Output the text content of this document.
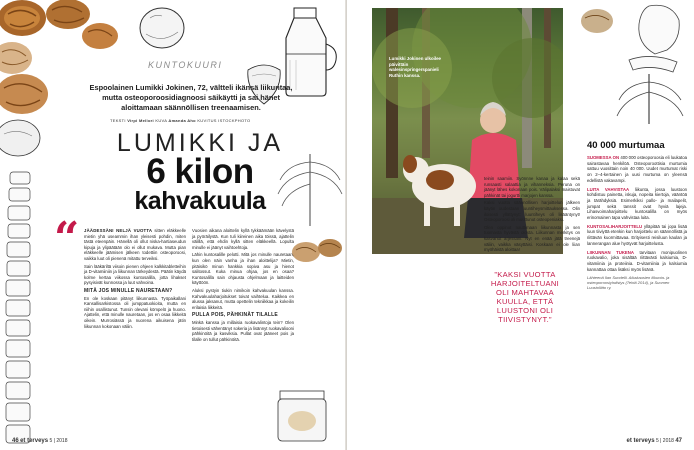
KUNTOKUURI
Espoolainen Lumikki Jokinen, 72, vältteli ikänsä liikuntaa, mutta osteoporoosidiagnoosi säikäytti ja sai hänet aloittamaan säännöllisen treenaamisen.
TEKSTI Virpi Mellori KUVA Amanda Aho KUVITUS ISTOCKPHOTO
LUMIKKI JA
6 kilon
kahvakuula
“ JÄÄDESSÄNI NELJÄ VUOTTA sitten eläkkeelle mietin yhä useammin ihan yleisesti pohdin, miten tästä eteenpäin. Hänellä oli ollut niska-hartiaseudun kipuja ja ylipäätään olo ei ollut mukava. Mutta pian eläkkeelle jäämisen jälkeen todettiin osteoporoosi, vaikka luut oli pienenä mitattu terveiksi.

Sain lääkäriltä viisoin pienen ohjeen kalkkitabletteihin ja D-vitamiiniin ja liikunnan tärkeydestä. Päätin käydä kolme kertaa viikossa kuntosalilla, jotta lihakset pysyisivät kunnossa ja luut vahvoina.

MITÄ JOS MINULLE NAURETAAN?

En ole koskaan pitänyt liikunnasta. Työpaikallani Kansallisarkistossa oli jumppatuokioita, mutta en niihin osallistunut. Tunsin olevani kömpelö ja huono. Ajattelin, että minulle nauretaan, jos en osaa liikkeitä oikein. Murrosiässä ja nuorena aikuisena jätin liikunnan kokonaan väliin.

Vuosien aikana aloittelin kyllä tykkäämään kävelystä ja pyöräilystä. Kun tuli kiireinen aika töissä, ajattelin välillä, että ehdin kyllä sitten eläkkeellä. Lopulta minulle ei jäänyt vaihtoehtoja.

Lähin kuntosalille pelotti. Mitä jos minulle nauretaan, kun olen näin vanha ja ihan aloittelija? Mietin, pitäisikö minun hankkia sopiva asu ja hienot salitossut. Kuka minua ohjaa, jos en osaa? Kuntosalilla sain ohjausta ohjelmaan ja laitteiden käyttöön.

Aluksi pystyin tiukin nimikoin kahvakuulan kanssa. Kahvakuulaharjoitukset toivat vaihtelua. Kaikkea en alussa jaksanut, mutta opettelin tekniikkaa ja kokeilin erilaisia liikkeitä.

PULLA POIS, PÄHKINÄT TILALLE

Minkä kanssa ja millaisia ruokavalintoja tein? Olen tietoisesti vähentänyt sokeria ja lisännyt ruokavaliooni pähkinöitä ja kasviksia. Pullat ovat jääneet pois ja tilalle on tullut pähkinöitä.

46 et terveys 5 | 2018
Lumikki Jokinen ulkoilee päivittäin walesinspringerspanieli Ruthin kanssa.

teinin saamiin. Syönnne kanaa ja kalaa sekä runsaasti salaattia ja vihanneksia. Peruna on jäänyt lähes kokonaan pois. Välipalaksi maistuvat pähkinät tai jogurtti marjojen kanssa.

Kaksi vuotta säännöllisen harjoittelun jälkeen käytin uudestaan luuntiheysmittauksessa. Olin iloisesti yllättynyt: luuntiheys oli lisääntynyt! Osteoporoosi oli muuttunut osteopeniaksi.

Olen oppinut nauttimaan liikunnasta ja sen tuomasta hyvästä olosta. Liikunnan merkitys on kasvanut arjessani. Nyt en enää jätä treenejä väliin, vaikka väsyttäisi. Koskaan ei ole liian myöhäistä aloittaa!

”KAKSI VUOTTA HARJOITELTUANI OLI MAHTAVAA KUULLA, ETTÄ LUUSTONI OLI TIIVISTYNYT.”
40 000 murtumaa

SUOMESSA ON 400 000 osteoporoosia eli luukatoa sairastavaa henkilöä. Osteoporoottisia murtumia sattuu vuosittain noin 40 000. Uudet murtumat riski on 2–4-kertainen ja uusi murtuma on yleensä edellistä vakavampi.

LUITA VAHVISTAA liikunta, jossa luustoon kohdistuu painetta, iskuja, nopeita kiertoja, vääntöä ja tärähdyksiä. Esimerkiksi pallo- ja mailapelit, jumpat sekä tanssit ovat hyviä lajeja. Lihasvoimaharjoittelu kuntosalilla on myös erinomainen tapa vahvistaa luita.

KUNTOSALIHARJOITTELU ylläpitää tai jopa lisää luun tiiviyttä etenkin kun harjoittelu on säännöllistä ja riittävän kuormittavaa. Erityisesti reisiluun kaulan ja lannerangan alue hyötyvät harjoittelusta.

LIIKUNNAN TUKENA tarvitaan monipuolinen ruokavalio, joka sisältää riittävästi kalsiumia, D-vitamiinia ja proteiinia. D-vitamiinia ja kalsiumia kannattaa ottaa lisäksi myös lisänä.

Lähteenä Ilan Sundelli. Aikakausien liikunta- ja osteoporoosiyhdistys (Tehtä 2014), ja Suomen Luustoliitto ry.

et terveys 5 | 2018 47
